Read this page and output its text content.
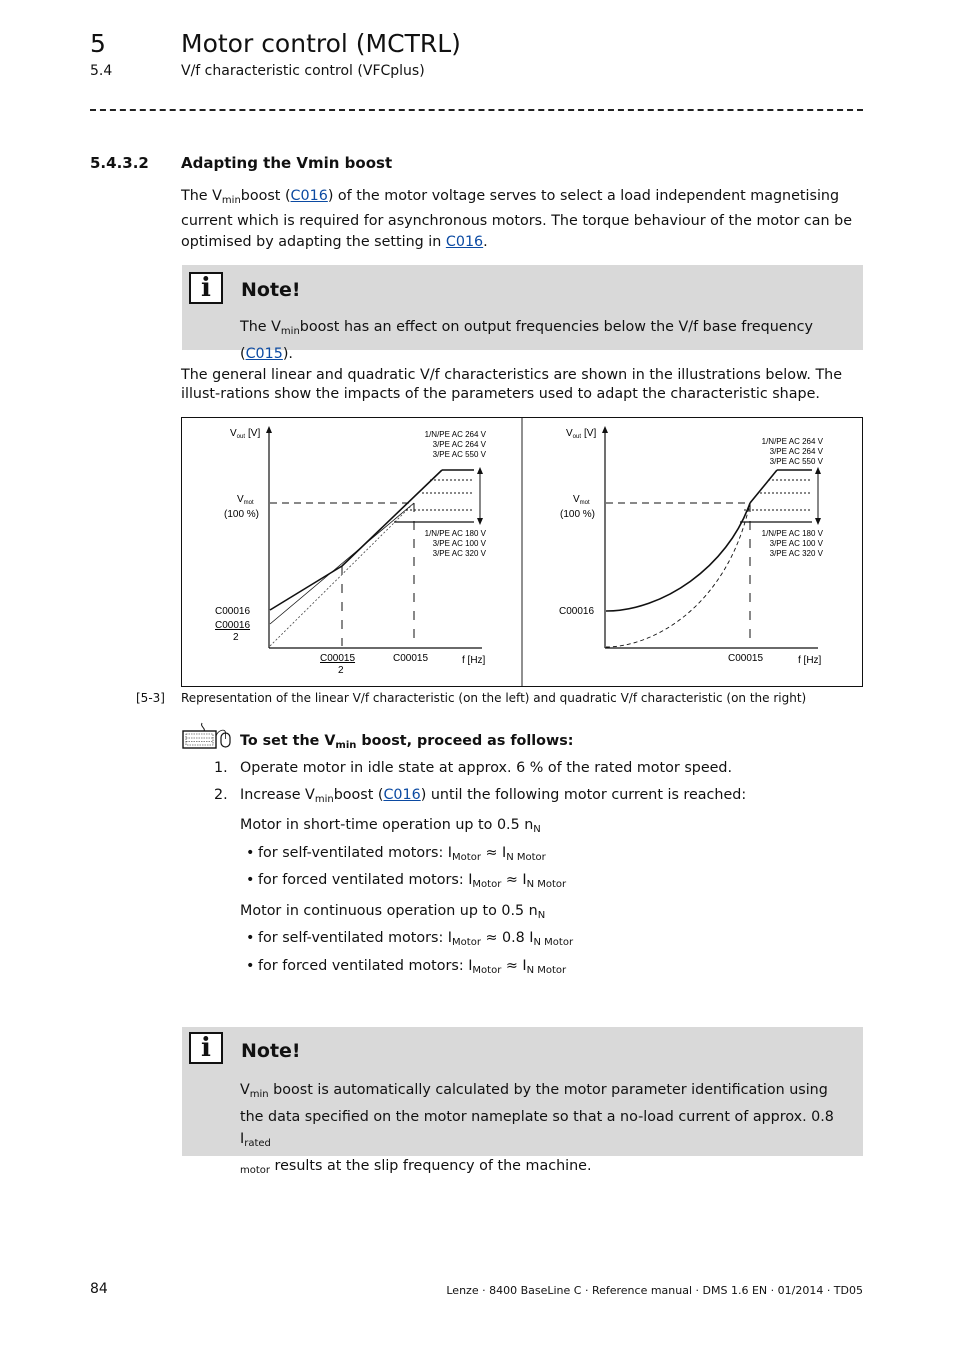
5	Motor control (MCTRL)
5.4	V/f characteristic control (VFCplus)
5.4.3.2 Adapting the Vmin boost
The $V_{min}boost$ (C016) of the motor voltage serves to select a load independent magnetising current which is required for asynchronous motors. The torque behaviour of the motor can be optimised by adapting the setting in C016.
i	Note!
The $V_{min}boost$ has an effect on output frequencies below the V/f base frequency (C015).
The general linear and quadratic V/f characteristics are shown in the illustrations below. The illust-rations show the impacts of the parameters used to adapt the characteristic shape.
$V_{out}$ [V]
$V_{mot}$
(100 %)
1/N/PE AC 264 V
3/PE AC 264 V
3/PE AC 550 V
1/N/PE AC 180 V
3/PE AC 100 V
3/PE AC 320 V
C00016
C00016
2
C00015
2
C00015	f [Hz]
$V_{out}$ [V]
$V_{mot}$
(100 %)
1/N/PE AC 264 V
3/PE AC 264 V
3/PE AC 550 V
1/N/PE AC 180 V
3/PE AC 100 V
3/PE AC 320 V
C00016
C00015	f [Hz]
[5-3] Representation of the linear V/f characteristic (on the left) and quadratic V/f characteristic (on the right)
To set the $V_{min}$ boost, proceed as follows:
1. Operate motor in idle state at approx. 6 % of the rated motor speed.
2. Increase $V_{min}boost$ (C016) until the following motor current is reached:
Motor in short-time operation up to 0.5 $n_N$
• for self-ventilated motors: $I_{Motor} \approx I_{N Motor}$
• for forced ventilated motors: $I_{Motor} \approx I_{N Motor}$
Motor in continuous operation up to 0.5 $n_N$
• for self-ventilated motors: $I_{Motor} \approx 0.8$ $I_{N Motor}$
• for forced ventilated motors: $I_{Motor} \approx I_{N Motor}$
i	Note!
$V_{min}$ boost is automatically calculated by the motor parameter identification using the data specified on the motor nameplate so that a no-load current of approx. 0.8 $I_{rated}$
$_{motor}$ results at the slip frequency of the machine.
84	Lenze · 8400 BaseLine C · Reference manual · DMS 1.6 EN · 01/2014 · TD05
